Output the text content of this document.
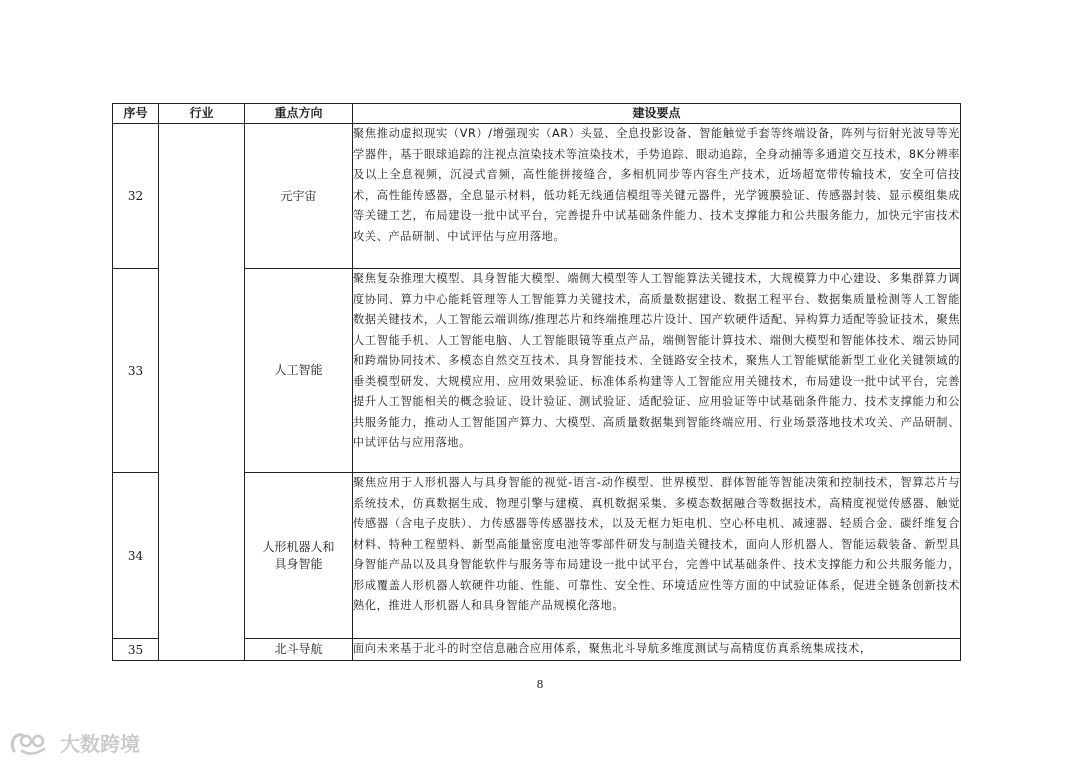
序号	行业	重点方向	建设要点
32		元宇宙	聚焦推动虚拟现实（VR）/增强现实（AR）头显、全息投影设备、智能触觉手套等终端设备，阵列与衍射光波导等光学器件，基于眼球追踪的注视点渲染技术等渲染技术，手势追踪、眼动追踪，全身动捕等多通道交互技术，8K分辨率及以上全息视频，沉浸式音频，高性能拼接缝合，多相机同步等内容生产技术，近场超宽带传输技术，安全可信技术，高性能传感器，全息显示材料，低功耗无线通信模组等关键元器件，光学镀膜验证、传感器封装、显示模组集成等关键工艺，布局建设一批中试平台，完善提升中试基础条件能力、技术支撑能力和公共服务能力，加快元宇宙技术攻关、产品研制、中试评估与应用落地。
33		人工智能	聚焦复杂推理大模型、具身智能大模型、端侧大模型等人工智能算法关键技术，大规模算力中心建设、多集群算力调度协同、算力中心能耗管理等人工智能算力关键技术，高质量数据建设、数据工程平台、数据集质量检测等人工智能数据关键技术，人工智能云端训练/推理芯片和终端推理芯片设计、国产软硬件适配、异构算力适配等验证技术，聚焦人工智能手机、人工智能电脑、人工智能眼镜等重点产品，端侧智能计算技术、端侧大模型和智能体技术、端云协同和跨端协同技术、多模态自然交互技术、具身智能技术、全链路安全技术，聚焦人工智能赋能新型工业化关键领域的垂类模型研发、大规模应用、应用效果验证、标准体系构建等人工智能应用关键技术，布局建设一批中试平台，完善提升人工智能相关的概念验证、设计验证、测试验证、适配验证、应用验证等中试基础条件能力、技术支撑能力和公共服务能力，推动人工智能国产算力、大模型、高质量数据集到智能终端应用、行业场景落地技术攻关、产品研制、中试评估与应用落地。
34		人形机器人和具身智能	聚焦应用于人形机器人与具身智能的视觉-语言-动作模型、世界模型、群体智能等智能决策和控制技术，智算芯片与系统技术，仿真数据生成、物理引擎与建模、真机数据采集、多模态数据融合等数据技术，高精度视觉传感器、触觉传感器（含电子皮肤）、力传感器等传感器技术，以及无框力矩电机、空心杯电机、减速器、轻质合金、碳纤维复合材料、特种工程塑料、新型高能量密度电池等零部件研发与制造关键技术，面向人形机器人、智能运载装备、新型具身智能产品以及具身智能软件与服务等布局建设一批中试平台，完善中试基础条件、技术支撑能力和公共服务能力，形成覆盖人形机器人软硬件功能、性能、可靠性、安全性、环境适应性等方面的中试验证体系，促进全链条创新技术熟化，推进人形机器人和具身智能产品规模化落地。
35		北斗导航	面向未来基于北斗的时空信息融合应用体系，聚焦北斗导航多维度测试与高精度仿真系统集成技术，
8
大数跨境
